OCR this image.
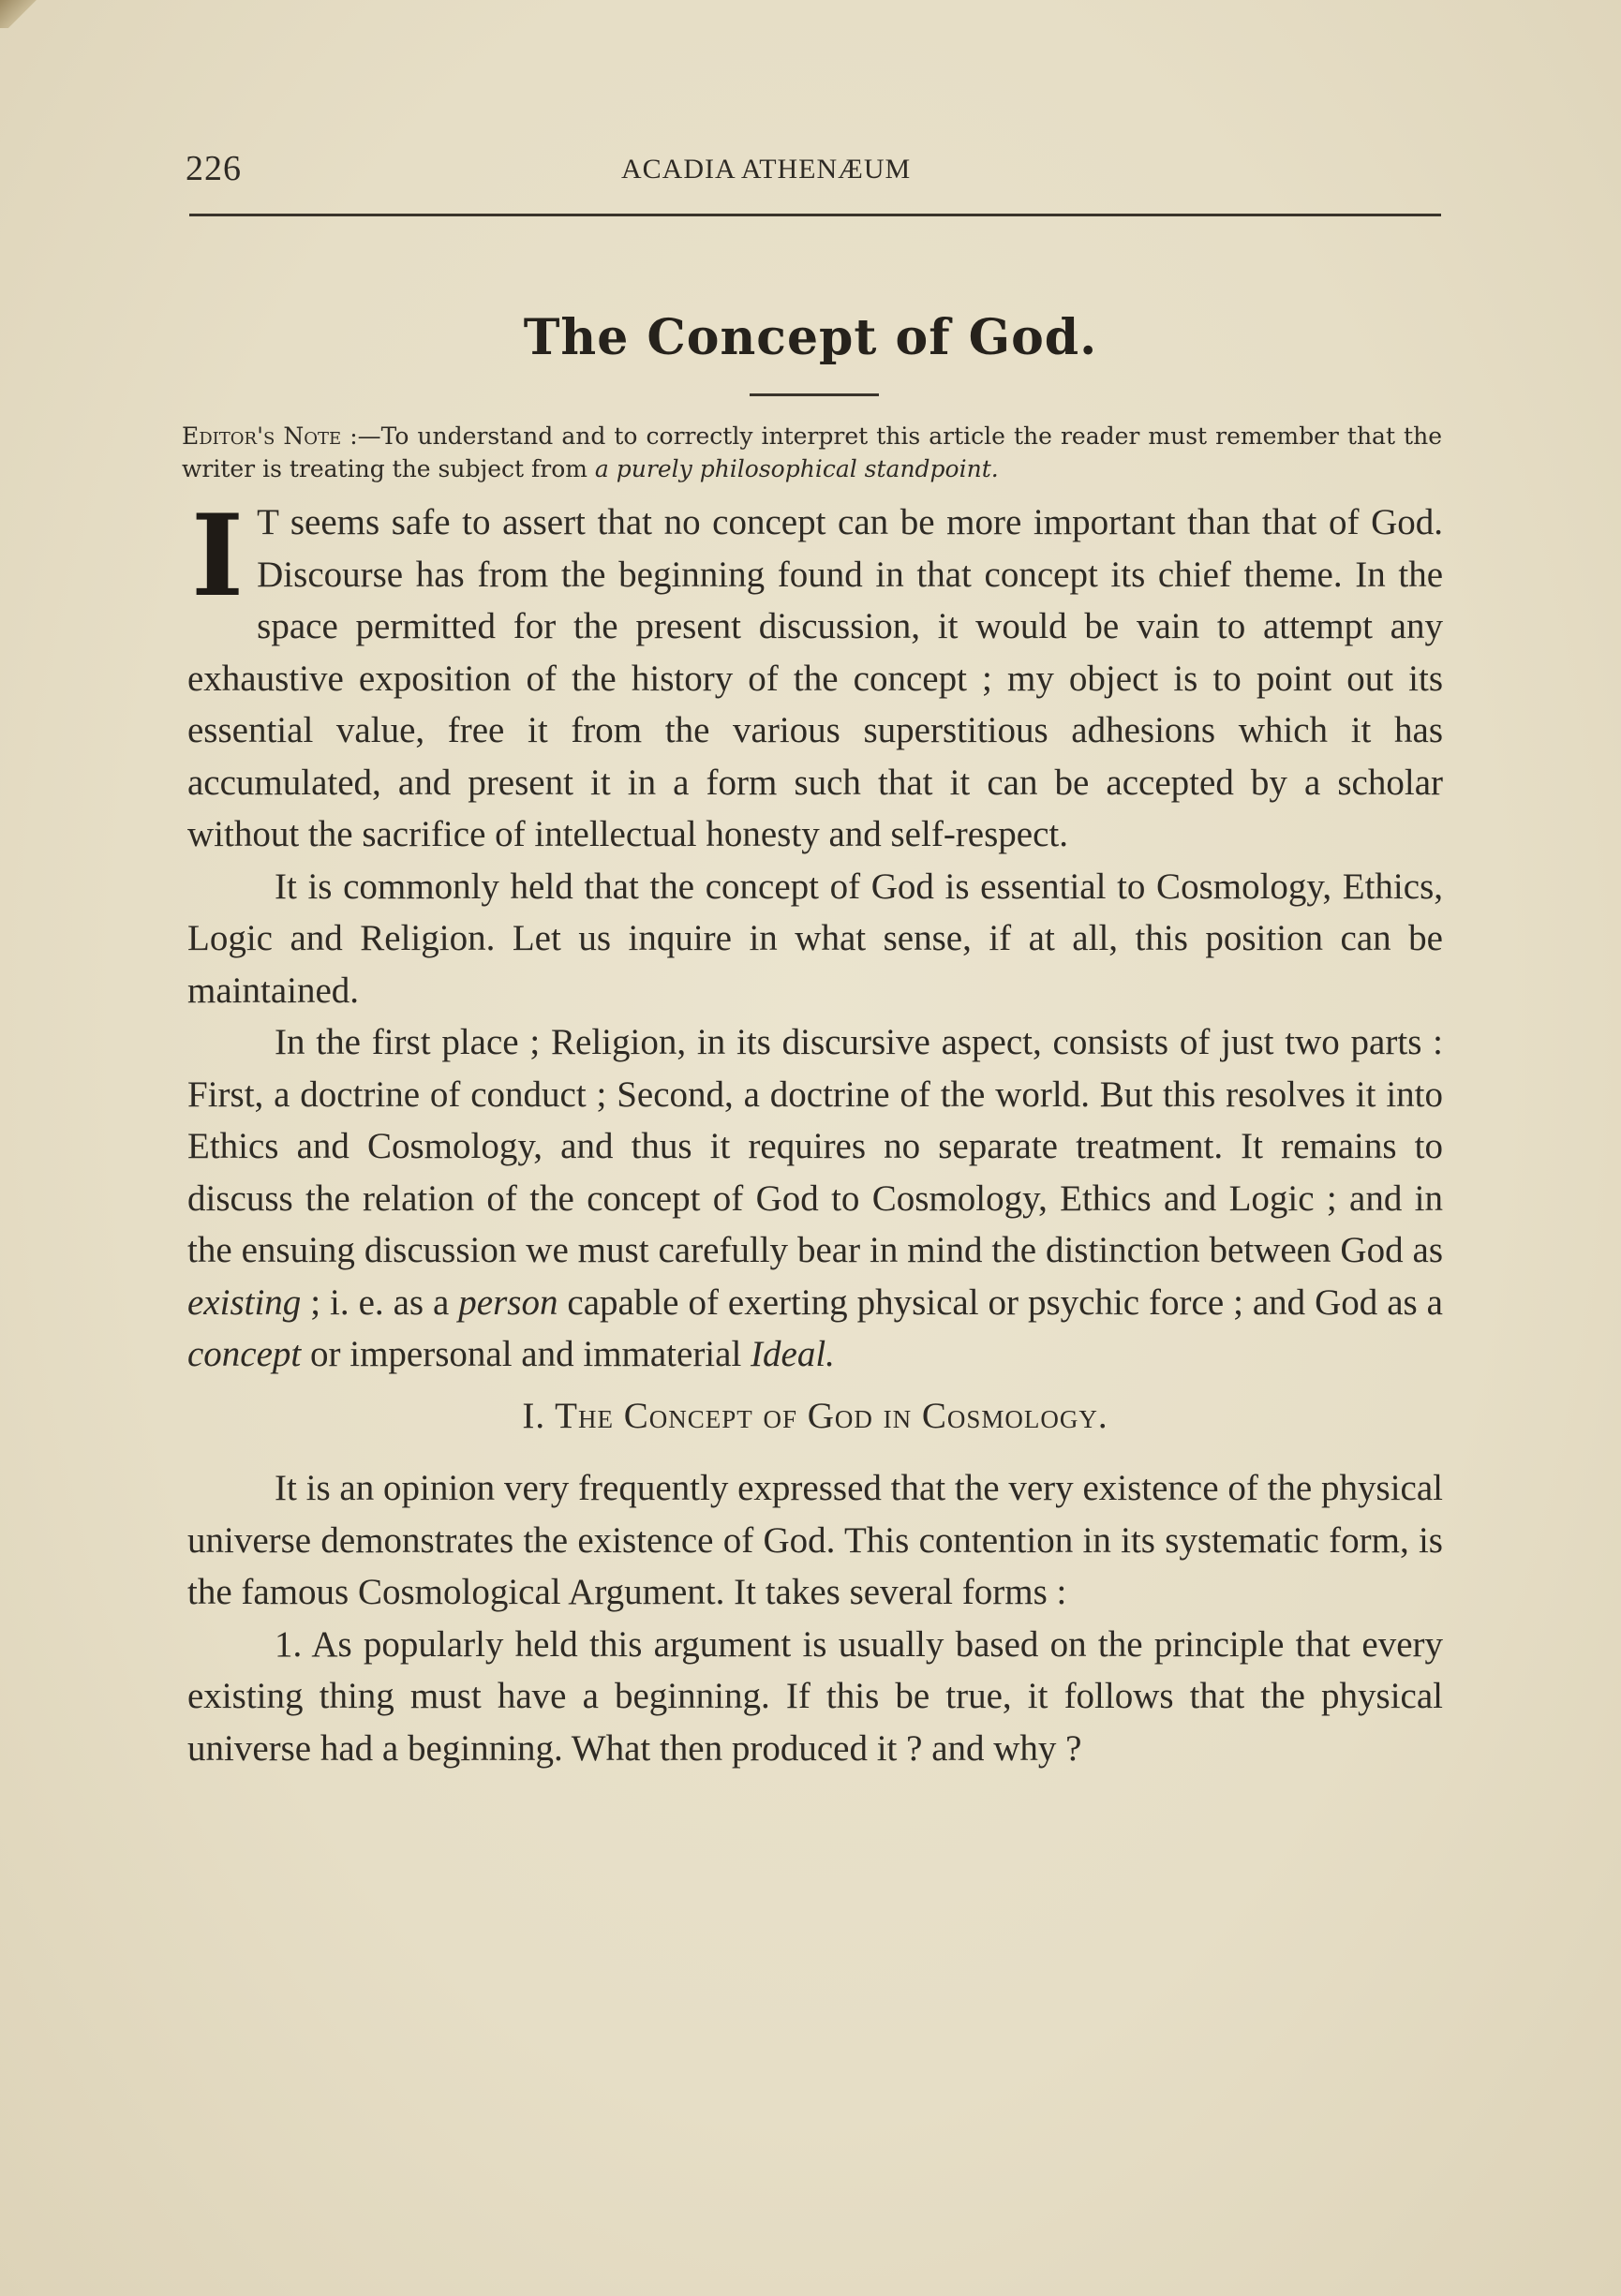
226	ACADIA ATHENÆUM
The Concept of God.
Editor's Note :—To understand and to correctly interpret this article the reader must remember that the writer is treating the subject from a purely philosophical standpoint.

I T seems safe to assert that no concept can be more important than that of God. Discourse has from the beginning found in that concept its chief theme. In the space permitted for the present discussion, it would be vain to attempt any exhaustive exposition of the history of the concept ; my object is to point out its essential value, free it from the various superstitious adhesions which it has accumulated, and present it in a form such that it can be accepted by a scholar without the sacrifice of intellectual honesty and self-respect.

It is commonly held that the concept of God is essential to Cosmology, Ethics, Logic and Religion. Let us inquire in what sense, if at all, this position can be maintained.

In the first place ; Religion, in its discursive aspect, consists of just two parts : First, a doctrine of conduct ; Second, a doctrine of the world. But this resolves it into Ethics and Cosmology, and thus it requires no separate treatment. It remains to discuss the relation of the concept of God to Cosmology, Ethics and Logic ; and in the ensuing discussion we must carefully bear in mind the distinction between God as existing ; i. e. as a person capable of exerting physical or psychic force ; and God as a concept or impersonal and immaterial Ideal.

I. The Concept of God in Cosmology.

It is an opinion very frequently expressed that the very existence of the physical universe demonstrates the existence of God. This contention in its systematic form, is the famous Cosmological Argument. It takes several forms :

1. As popularly held this argument is usually based on the principle that every existing thing must have a beginning. If this be true, it follows that the physical universe had a beginning. What then produced it ? and why ?
